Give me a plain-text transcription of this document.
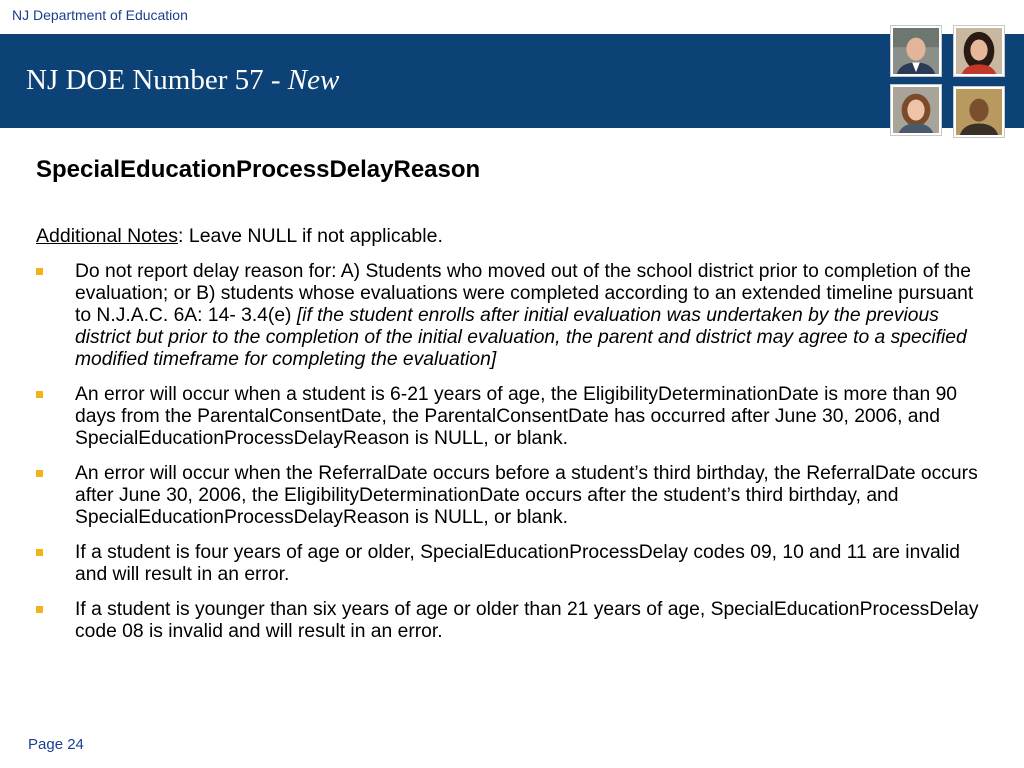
NJ Department of Education
NJ DOE Number 57 - New
SpecialEducationProcessDelayReason
Additional Notes: Leave NULL if not applicable.
Do not report delay reason for: A) Students who moved out of the school district prior to completion of the evaluation; or B) students whose evaluations were completed according to an extended timeline pursuant to N.J.A.C. 6A: 14- 3.4(e) [if the student enrolls after initial evaluation was undertaken by the previous district but prior to the completion of the initial evaluation, the parent and district may agree to a specified modified timeframe for completing the evaluation]
An error will occur when a student is 6-21 years of age, the EligibilityDeterminationDate is more than 90 days from the ParentalConsentDate, the ParentalConsentDate has occurred after June 30, 2006, and SpecialEducationProcessDelayReason is NULL, or blank.
An error will occur when the ReferralDate occurs before a student’s third birthday, the ReferralDate occurs after June 30, 2006, the EligibilityDeterminationDate occurs after the student’s third birthday, and SpecialEducationProcessDelayReason is NULL, or blank.
If a student is four years of age or older, SpecialEducationProcessDelay codes 09, 10 and 11 are invalid and will result in an error.
If a student is younger than six years of age or older than 21 years of age, SpecialEducationProcessDelay code 08 is invalid and will result in an error.
Page 24
